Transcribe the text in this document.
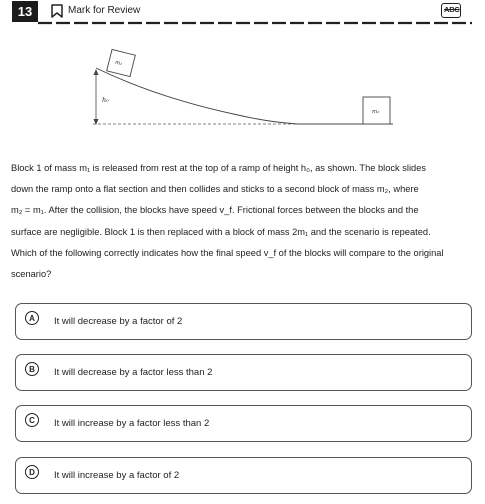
13	Mark for Review	ABC
h₀
m₁
m₂
Block 1 of mass m₁ is released from rest at the top of a ramp of height h₀, as shown. The block slides
down the ramp onto a flat section and then collides and sticks to a second block of mass m₂, where
m₂ = m₁. After the collision, the blocks have speed v_f. Frictional forces between the blocks and the
surface are negligible. Block 1 is then replaced with a block of mass 2m₁ and the scenario is repeated.
Which of the following correctly indicates how the final speed v_f of the blocks will compare to the original
scenario?
A	It will decrease by a factor of 2
B	It will decrease by a factor less than 2
C	It will increase by a factor less than 2
D	It will increase by a factor of 2
